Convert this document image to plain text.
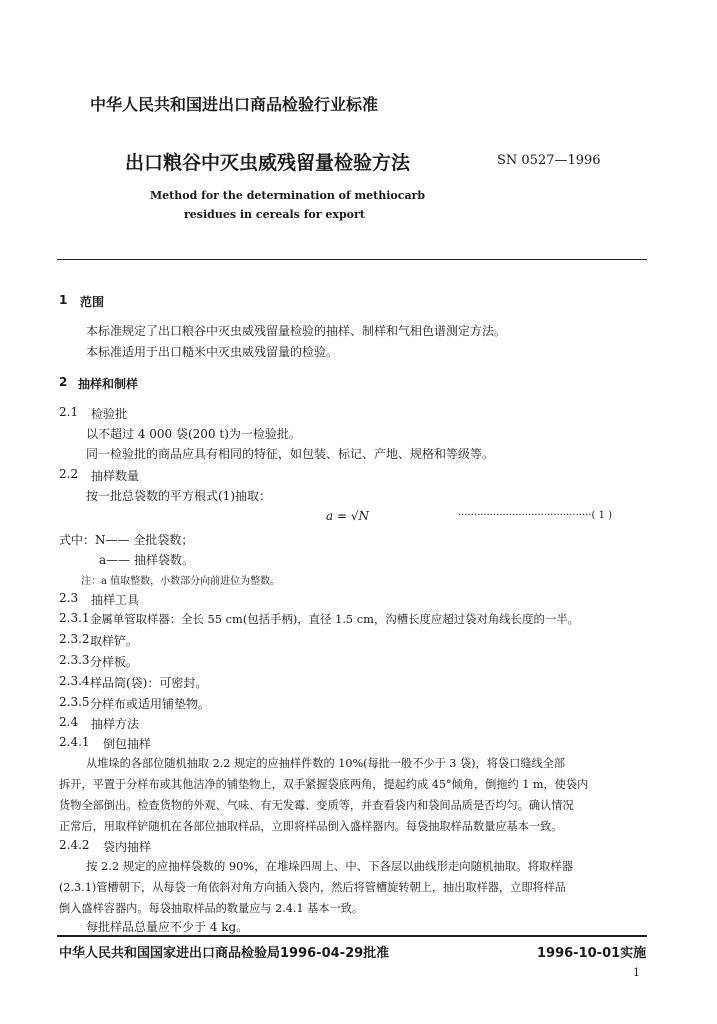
中华人民共和国进出口商品检验行业标准
出口粮谷中灭虫威残留量检验方法	SN 0527—1996
Method for the determination of methiocarb
residues in cereals for export
1 范围
本标准规定了出口粮谷中灭虫威残留量检验的抽样、制样和气相色谱测定方法。
本标准适用于出口糙米中灭虫威残留量的检验。
2 抽样和制样
2.1 检验批
以不超过 4 000 袋(200 t)为一检验批。
同一检验批的商品应具有相同的特征，如包装、标记、产地、规格和等级等。
2.2 抽样数量
按一批总袋数的平方根式(1)抽取：
a = √N	··········································( 1 )
式中：N—— 全批袋数；
a—— 抽样袋数。
注：a 值取整数，小数部分向前进位为整数。
2.3 抽样工具
2.3.1 金属单管取样器：全长 55 cm(包括手柄)，直径 1.5 cm，沟槽长度应超过袋对角线长度的一半。
2.3.2 取样铲。
2.3.3 分样板。
2.3.4 样品筒(袋)：可密封。
2.3.5 分样布或适用铺垫物。
2.4 抽样方法
2.4.1 倒包抽样
从堆垛的各部位随机抽取 2.2 规定的应抽样件数的 10%(每批一般不少于 3 袋)，将袋口缝线全部
拆开，平置于分样布或其他洁净的铺垫物上，双手紧握袋底两角，提起约成 45°倾角，倒拖约 1 m，使袋内
货物全部倒出。检查货物的外观、气味、有无发霉、变质等，并查看袋内和袋间品质是否均匀。确认情况
正常后，用取样铲随机在各部位抽取样品，立即将样品倒入盛样器内。每袋抽取样品数量应基本一致。
2.4.2 袋内抽样
按 2.2 规定的应抽样袋数的 90%，在堆垛四周上、中、下各层以曲线形走向随机抽取。将取样器
(2.3.1)管槽朝下，从每袋一角依斜对角方向插入袋内，然后将管槽旋转朝上，抽出取样器，立即将样品
倒入盛样容器内。每袋抽取样品的数量应与 2.4.1 基本一致。
每批样品总量应不少于 4 kg。
中华人民共和国国家进出口商品检验局1996-04-29批准	1996-10-01实施
1
